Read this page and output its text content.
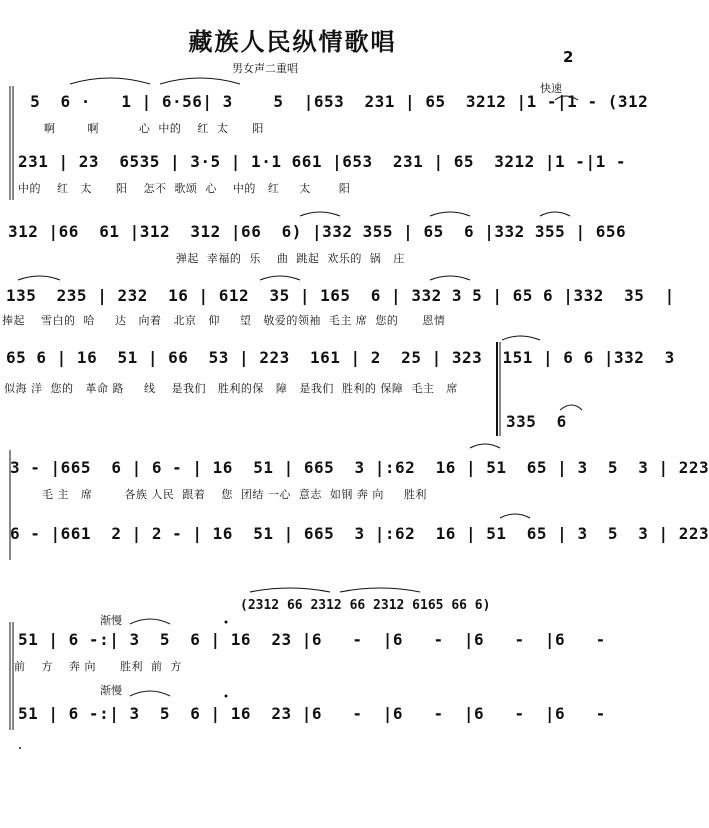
藏族人民纵情歌唱
男女声二重唱
2
快速
5  6 ·   1 | 6·56| 3    5  |653  231 | 65  3212 |1 -|1 - (312
啊        啊          心  中的    红  太      阳
231 | 23  6535 | 3·5 | 1·1 661 |653  231 | 65  3212 |1 -|1 -
中的    红   太      阳    怎不  歌颂  心    中的   红     太       阳
312 |66  61 |312  312 |66  6) |332 355 | 65  6 |332 355 | 656
弹起  幸福的  乐    曲  跳起  欢乐的  锅   庄
135  235 | 232  16 | 612  35 | 165  6 | 332 3 5 | 65 6 |332  35  |
捧起    雪白的  哈     达   向着   北京   仰     望   敬爱的领袖  毛主 席  您的      恩情
65 6 | 16  51 | 66  53 | 223  161 | 2  25 | 323  151 | 6 6 |332  3
似海 洋  您的   革命 路     线    是我们   胜利的保   障   是我们  胜利的 保障  毛主   席
335  6
3 - |665  6 | 6 - | 16  51 | 665  3 |:62  16 | 51  65 | 3  5  3 | 223
毛 主   席        各族 人民  跟着    您  团结 一心  意志  如钢 奔 向     胜利
6 - |661  2 | 2 - | 16  51 | 665  3 |:62  16 | 51  65 | 3  5  3 | 223
(2312 66 2312 66 2312 6165 66 6)
渐慢
渐慢
51 | 6 -:| 3  5  6 | 16  23 |6   -  |6   -  |6   -  |6   -
前    方    奔 向      胜利  前  方
51 | 6 -:| 3  5  6 | 16  23 |6   -  |6   -  |6   -  |6   -
